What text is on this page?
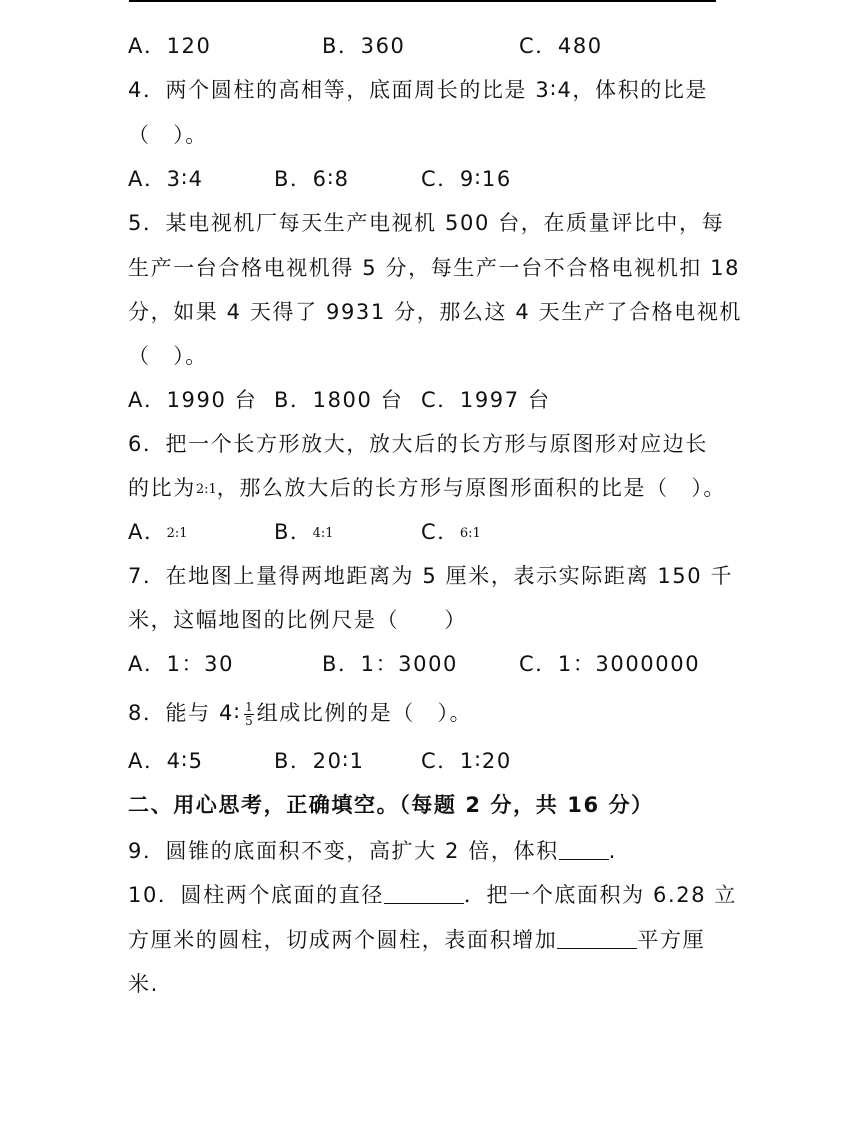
A．120	B．360	C．480
4．两个圆柱的高相等，底面周长的比是 3∶4，体积的比是
（　）。
A．3∶4	B．6∶8	C．9∶16
5．某电视机厂每天生产电视机 500 台，在质量评比中，每
生产一台合格电视机得 5 分，每生产一台不合格电视机扣 18
分，如果 4 天得了 9931 分，那么这 4 天生产了合格电视机
（　）。
A．1990 台 B．1800 台 C．1997 台
6．把一个长方形放大，放大后的长方形与原图形对应边长
的比为2:1，那么放大后的长方形与原图形面积的比是（　）。
A．2:1	B．4:1	C．6:1
7．在地图上量得两地距离为 5 厘米，表示实际距离 150 千
米，这幅地图的比例尺是（　　）
A．1：30	B．1：3000	C．1：3000000
8．能与 4∶ $\frac{1}{5}$ 组成比例的是（　）。
A．4∶5	B．20∶1	C．1∶20
二、用心思考，正确填空。（每题 2 分，共 16 分）
9．圆锥的底面积不变，高扩大 2 倍，体积 .
10．圆柱两个底面的直径	．把一个底面积为 6.28 立
方厘米的圆柱，切成两个圆柱，表面积增加	平方厘
米.
